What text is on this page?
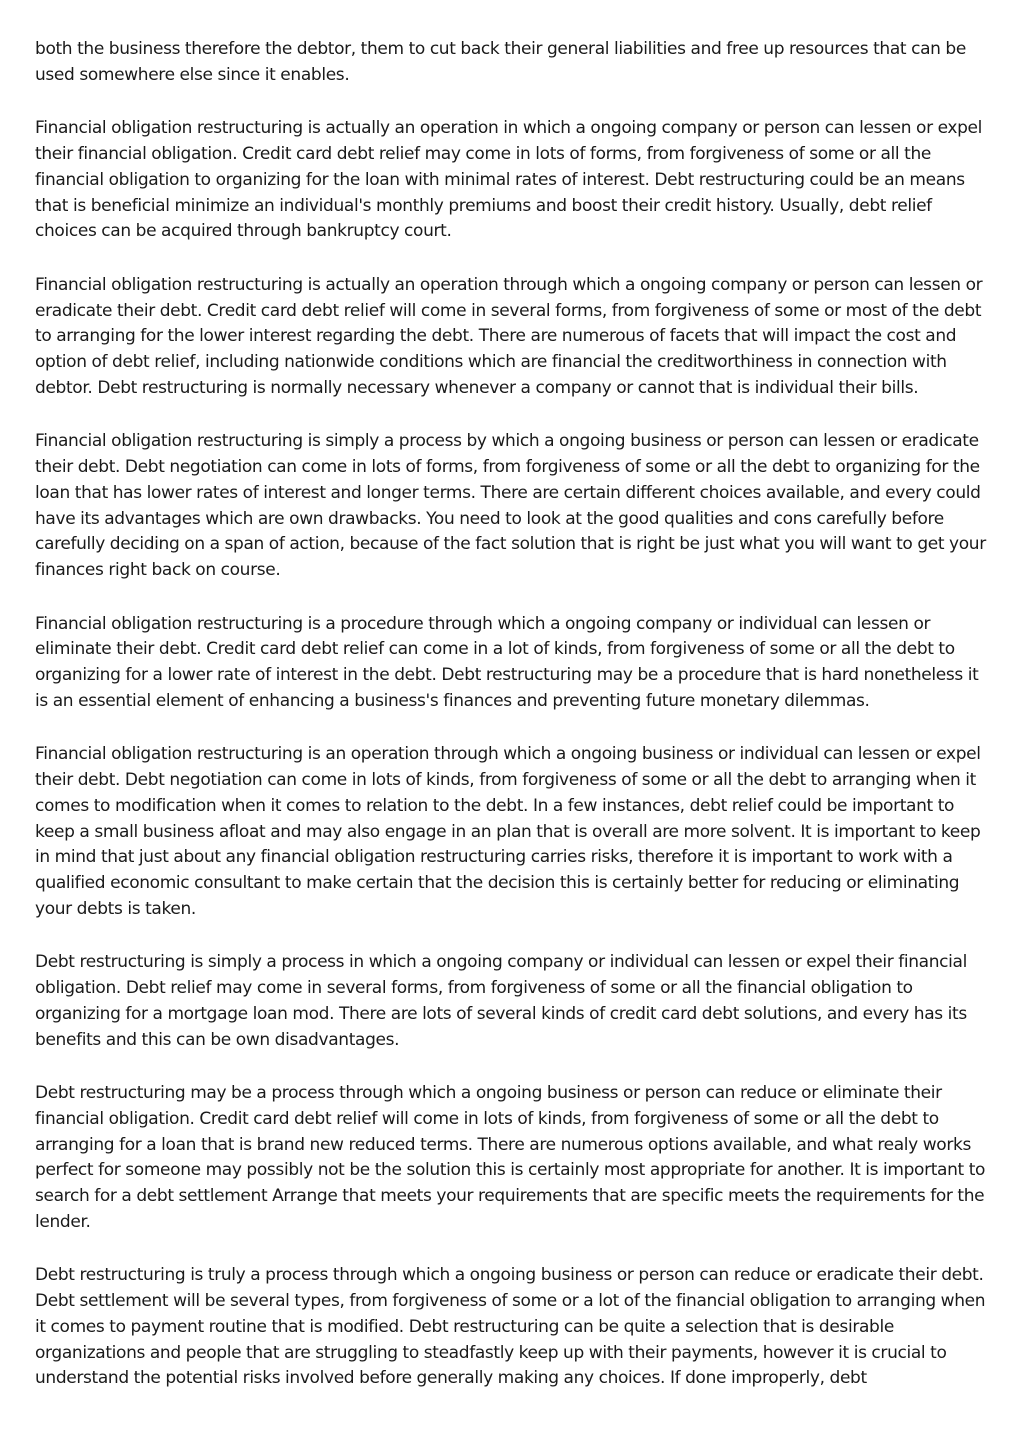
both the business therefore the debtor, them to cut back their general liabilities and free up resources that can be used somewhere else since it enables.

Financial obligation restructuring is actually an operation in which a ongoing company or person can lessen or expel their financial obligation. Credit card debt relief may come in lots of forms, from forgiveness of some or all the financial obligation to organizing for the loan with minimal rates of interest. Debt restructuring could be an means that is beneficial minimize an individual's monthly premiums and boost their credit history. Usually, debt relief choices can be acquired through bankruptcy court.

Financial obligation restructuring is actually an operation through which a ongoing company or person can lessen or eradicate their debt. Credit card debt relief will come in several forms, from forgiveness of some or most of the debt to arranging for the lower interest regarding the debt. There are numerous of facets that will impact the cost and option of debt relief, including nationwide conditions which are financial the creditworthiness in connection with debtor. Debt restructuring is normally necessary whenever a company or cannot that is individual their bills.

Financial obligation restructuring is simply a process by which a ongoing business or person can lessen or eradicate their debt. Debt negotiation can come in lots of forms, from forgiveness of some or all the debt to organizing for the loan that has lower rates of interest and longer terms. There are certain different choices available, and every could have its advantages which are own drawbacks. You need to look at the good qualities and cons carefully before carefully deciding on a span of action, because of the fact solution that is right be just what you will want to get your finances right back on course.

Financial obligation restructuring is a procedure through which a ongoing company or individual can lessen or eliminate their debt. Credit card debt relief can come in a lot of kinds, from forgiveness of some or all the debt to organizing for a lower rate of interest in the debt. Debt restructuring may be a procedure that is hard nonetheless it is an essential element of enhancing a business's finances and preventing future monetary dilemmas.

Financial obligation restructuring is an operation through which a ongoing business or individual can lessen or expel their debt. Debt negotiation can come in lots of kinds, from forgiveness of some or all the debt to arranging when it comes to modification when it comes to relation to the debt. In a few instances, debt relief could be important to keep a small business afloat and may also engage in an plan that is overall are more solvent. It is important to keep in mind that just about any financial obligation restructuring carries risks, therefore it is important to work with a qualified economic consultant to make certain that the decision this is certainly better for reducing or eliminating your debts is taken.

Debt restructuring is simply a process in which a ongoing company or individual can lessen or expel their financial obligation. Debt relief may come in several forms, from forgiveness of some or all the financial obligation to organizing for a mortgage loan mod. There are lots of several kinds of credit card debt solutions, and every has its benefits and this can be own disadvantages.

Debt restructuring may be a process through which a ongoing business or person can reduce or eliminate their financial obligation. Credit card debt relief will come in lots of kinds, from forgiveness of some or all the debt to arranging for a loan that is brand new reduced terms. There are numerous options available, and what realy works perfect for someone may possibly not be the solution this is certainly most appropriate for another. It is important to search for a debt settlement Arrange that meets your requirements that are specific meets the requirements for the lender.

Debt restructuring is truly a process through which a ongoing business or person can reduce or eradicate their debt. Debt settlement will be several types, from forgiveness of some or a lot of the financial obligation to arranging when it comes to payment routine that is modified. Debt restructuring can be quite a selection that is desirable organizations and people that are struggling to steadfastly keep up with their payments, however it is crucial to understand the potential risks involved before generally making any choices. If done improperly, debt
